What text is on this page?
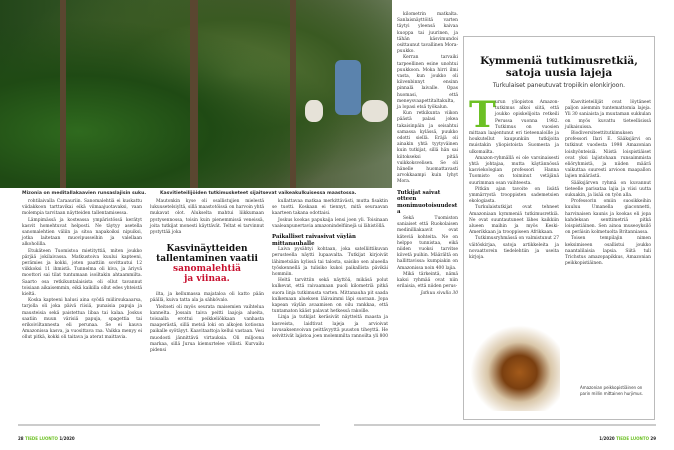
Mizonia on meditallakaavien runsaslajisin suku.	Kasvitieteilijöiden tutkimusketeet sijaitsevat vaikeakulkuisessa maastossa.

rohtilaivalla Caraauriin. Sanomalehtiä ei kuskattu viidakkoon tarttavikai eikä viimaajuotavaksi, vaan molempia tarvitaan näytteiden tallentamisessa.

Lämpimässä ja kosteassa ympäristössä kerätyt kasvit homehtuvat helposti. Ne täytyy asetella sanomalehtien väliin ja sitoa napakoiksi nipuiksi, jotka laitetaan muovipusseihin ja valellaan alkoholilla.

Etukäteen Tuomistoa mietityttiä, miten joukko pärjää jokilaivassa. Matkustoiva kuului kapteeni, perämies ja kokki, joten paattiin sovittautui 12 viikkoksi 11 ihmistä. Tunnelma oli kiva, ja äriyvä moottori sai tilat tuntumaan isoiltakin ahtaammilta. Saarto osa retkikuntalaisista oli ollut tavannut toisiaan aikaisemmin, eikä kaikilla ollut edes yhteistä kieltä.

Koska kapteeni halusi aina syödä miilirsukaaarsa, tarjolla oli joka päivä riisiä, punaisia papuja ja mausteisia sekä paistettua libaa tai kalaa. Joskus saatiin muun värisiä papuja, spagettia tai erikoiviltannesta eli perunaa. Se ei kauva Amazonissa kasva, ja vuosittava raa. Vaikka menyy ei ollut pitkä, kokki oli taitava ja aterat maittavia.

Mautonkin kyse oli osallistujien mielestä lukuusetelsiyltä, sillä maastotöissä on harvoin yhtä mukavat olot. Alukselta mahtui liikkumaan pystysennossa, toisin kuin pienemmissä veneissä, joita tutkijat monesti käyttävät. Teltat ei tarvinnut pystyttää joka

Kasvinäytteiden
tallentaminen vaatii
sanomalehtiä
ja viinaa.

ilta, ja kellumassa majataloa oli katto pään päällä, kuiva tatta ala ja sähkövalo.

Yleitseti oli myös seurata maisemien vaihtelua kannelta. Jossain taiva peitti laajoja alueita, toisaalla erottui peikkeliökkaan vanhasta maaperästä, sillä metsä loki on alkojen kotiosna paikalle syötäyyt. Kaavitaattoja kellui vastaan. Vesi muodosti jännittävä virtauksia. Oli miljoona markaa, sillä Jurua kiemurtelee villisti. Kurvailu pidensi

kullattavaa matkaa merkittävästi, mutta fisaktin se tuotti. Koskaan ei tiennyt, mitä seuraavan kaarteen takana odottaisi.

Joskus kookas papukaija lensi joen yli. Toisinaan vaaleanpunertavia amazonindelfiinejä ui lähistöllä.

Paikalliset raivasivat väylän mittanauhalle

Laiva pysähtyi kohtaan, joka satelliittikuvan perusteella näytti lupaavalta. Tutkijat kirjoivät lähimetsään kylissä tai talosta, saisiko sen alueella työskennellä ja tulisiko kukoi paikallista pävikäi hommiin.

Heltä tarvittiin sekä näyttöä, mikäsä polut kulkevat, että raivaamaan puoli kilometriä pitkä suora linja tutkimusta varten. Mittanauha pit saada kulkemaan alueksen läävaimmi läpi suoraan. Jopa kapean väylän avaamisen on oilu rankkaa, että tuntamaton kääst palavat hetkessä rakoille.

Linja ja tutkijat keräsivät näytteitä maasta ja kasveista, laidtivat lajeja ja arvioivat luvusaksenvoivan peittävyyttä puuston tiheyttä. He selvittivät lajistoa joen molemmilta rannoilta yli 800

kilometrin matkalta. Sanlaisnäyttöitä varten täytyi yleensä kaivaa kuoppa tai juurinen, ja tähän käsvimundoi osittaunut tavallinen Mora-puukko.

Kerran tarvaiki tarpeellinen esine unohtui puukkoon. Moka hirri ilmi vasta, kun joukko oli kiivenbinnyt ensinn pinnalä laivalle. Opas huomasi, että meneysvaapettitaltakulta, ja lopasi etsä työkalun.

Kun retkikunta viikon päästä palasi jokea takaisinpäin ja seisahtui samassa kylässä, puukko odotti siellä. Eräjä oli ainakin yhtä tyytyväinen kuin tutkijat, sillä hän sai kiitokseksi pitää vuikkoksvelisen. Se oli hänelle huomattavasti arvokkaampi kuin lyhyt Mora.

Tutkijat saivat otteen monimuotoisuudesta

Sekä Tuomiston saniaiset että Ruokolaisen medinilliakaavit ovat käteviä kohteita. Ne on helppo tunnistaa, eikä niiden vuoksi tarvitse kiivetä puihin. Määrältä on hallittavissa: kumpiakin on Amazonissa noin 400 lajia.

Mikä tärkeintä, nämä kaksi ryhmää ovat niin erilaisia, että niiden perus-

Jatkuu sivulla 30
Kymmeniä tutkimusretkiä, satoja uusia lajeja
Turkulaiset paneutuvat tropiikin elonkirjoon.
T urun yliopiston Amazon-tutkimus alkoi siitä, että joukko opiskelijoita retkeili Perussa vuonna 1982. Tutkimus on vuosien mittaan laajentunut eri tieteenaloille ja houkutellut kaupunkiin tutkijoita muistakin yliopistoista Suomesta ja ulkomailta.

Amazon-ryhmällä ei ole varsinaisesti yhtä johtajaa, mutta käytännössä kasviekologian professori Hanna Tuomisto on toiminut vetäjänä suurimman osan vaihteesta.

Pitkän ajan tavoite on lisätä ymmärrystä trooppisten sademetsien ekologiasta.

Turkulaistutkijat ovat tehneet Amazoniaan kymmeniä tutkimusretkiä. Ne ovat suuntautuneet lähes kaikkiin alueen maihin ja myös Keski-Amerikkaan ja trooppiseen Afrikkaan.

Tutkimusryhmässä on valmistunut 27 väitöskirjaa, satoja artikkeleita ja novaattorein tiedelehtiin ja useita kirjoja.

Kasvitieteilijät ovat löytäneet paljon aiemmin tuntemattomia lajeja. Yli 30 saniaista ja muutaman sukkulan on myös kuvattu tieteellisissä julkaisuissa.

Biodiversiteettitutkimuksen professori Ilari E. Sääksjärvi on tutkinut vuodesta 1998 Amazonian loishyönteisiä. Niistä loispistiäiset ovat yksi lajistohaan runsaimmista eliöryhmistä, ja niiden määrä vaikuttaa suuresti arvioon maapallon lajien määrästä.

Sääksjärven ryhmä on kuvannut tieteelle parisataa lajia ja viisi uutta sukuakin, ja lisää on työn alla.

Professorin omiin suosikkeihin kuuluu Umanella giaconnetti, harvinaisen kaunis ja kookas eli jopa kahdeksan senttimetriä pitkä loispistiäinen. Sen ainoa museoyksilö on peräisin kolmetuolta Britanniassa.

Toisen tempilajin nimen keksimiseen osallistui joukko naantalilaisia lapsia. Siitä tuli Trichstus amazopapikkus, Amazonian peikkopistiäinen.

Amazonian peikkopistiäinen on parin millin mittainen hurjimus.
28 TIEDE LUONTO 1/2020	1/2020 TIEDE LUONTO 29
